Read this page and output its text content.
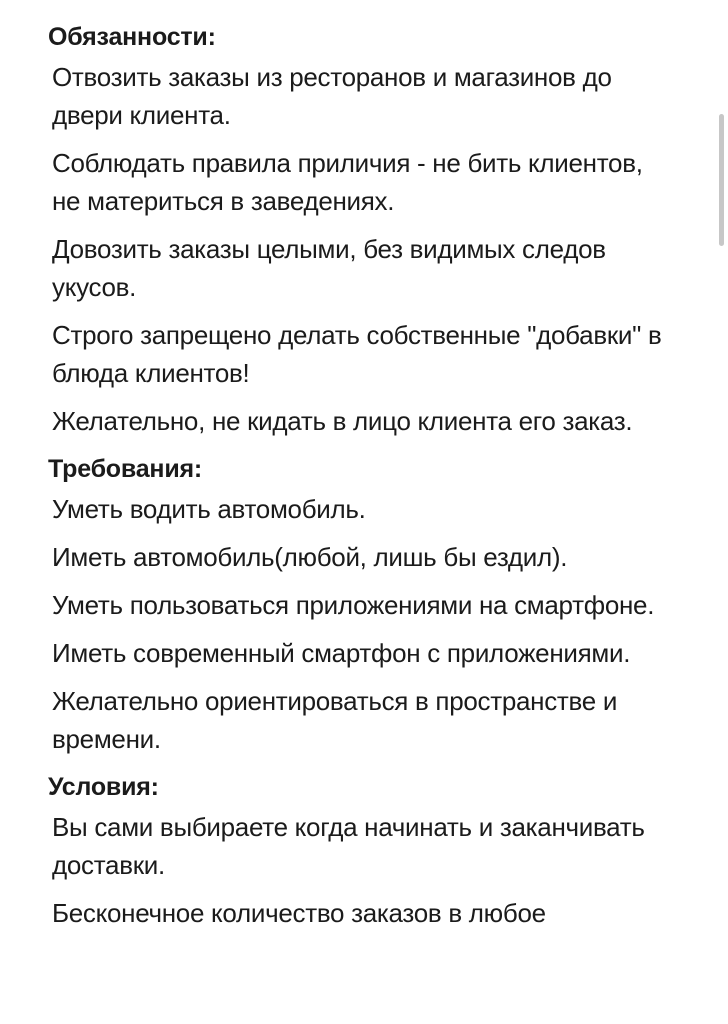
Обязанности:
Отвозить заказы из ресторанов и магазинов до двери клиента.
Соблюдать правила приличия - не бить клиентов, не материться в заведениях.
Довозить заказы целыми, без видимых следов укусов.
Строго запрещено делать собственные "добавки" в блюда клиентов!
Желательно, не кидать в лицо клиента его заказ.
Требования:
Уметь водить автомобиль.
Иметь автомобиль(любой, лишь бы ездил).
Уметь пользоваться приложениями на смартфоне.
Иметь современный смартфон с приложениями.
Желательно ориентироваться в пространстве и времени.
Условия:
Вы сами выбираете когда начинать и заканчивать доставки.
Бесконечное количество заказов в любое
